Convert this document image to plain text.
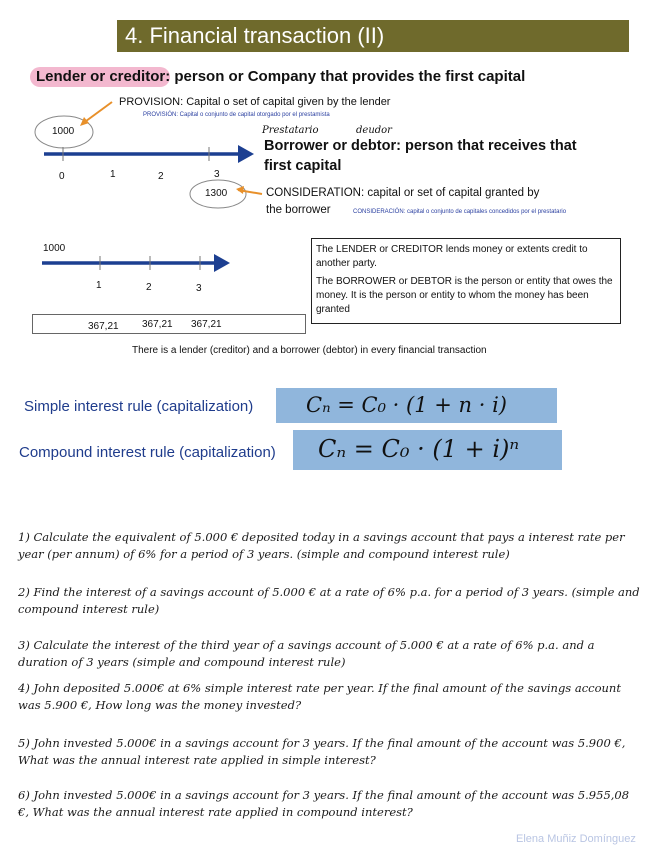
4. Financial transaction (II)
Lender or creditor: person or Company that provides the first capital
PROVISION: Capital o set of capital given by the lender
PROVISIÓN: Capital o conjunto de capital otorgado por el prestamista
1000
0	1	2	3
Prestatario	deudor
Borrower or debtor: person that receives that
first capital
1300	CONSIDERATION: capital or set of capital granted by
the borrower	CONSIDERACIÓN: capital o conjunto de capitales concedidos por el prestatario
1000
1	2	3
367,21 367,21 367,21

The LENDER or CREDITOR lends money or extents credit to another party.

The BORROWER or DEBTOR is the person or entity that owes the money. It is the person or entity to whom the money has been granted

There is a lender (creditor) and a borrower (debtor) in every financial transaction
Simple interest rule (capitalization)	Cₙ = C₀ · (1 + n · i)
Compound interest rule (capitalization) Cₙ = C₀ · (1 + i)ⁿ
1) Calculate the equivalent of 5.000 € deposited today in a savings account that pays a interest rate per year (per annum) of 6% for a period of 3 years. (simple and compound interest rule)
2) Find the interest of a savings account of 5.000 € at a rate of 6% p.a. for a period of 3 years. (simple and compound interest rule)
3) Calculate the interest of the third year of a savings account of 5.000 € at a rate of 6% p.a. and a duration of 3 years (simple and compound interest rule)
4) John deposited 5.000€ at 6% simple interest rate per year. If the final amount of the savings account was 5.900 €, How long was the money invested?
5) John invested 5.000€ in a savings account for 3 years. If the final amount of the account was 5.900 €, What was the annual interest rate applied in simple interest?
6) John invested 5.000€ in a savings account for 3 years. If the final amount of the account was 5.955,08 €, What was the annual interest rate applied in compound interest?
Elena Muñiz Domínguez
